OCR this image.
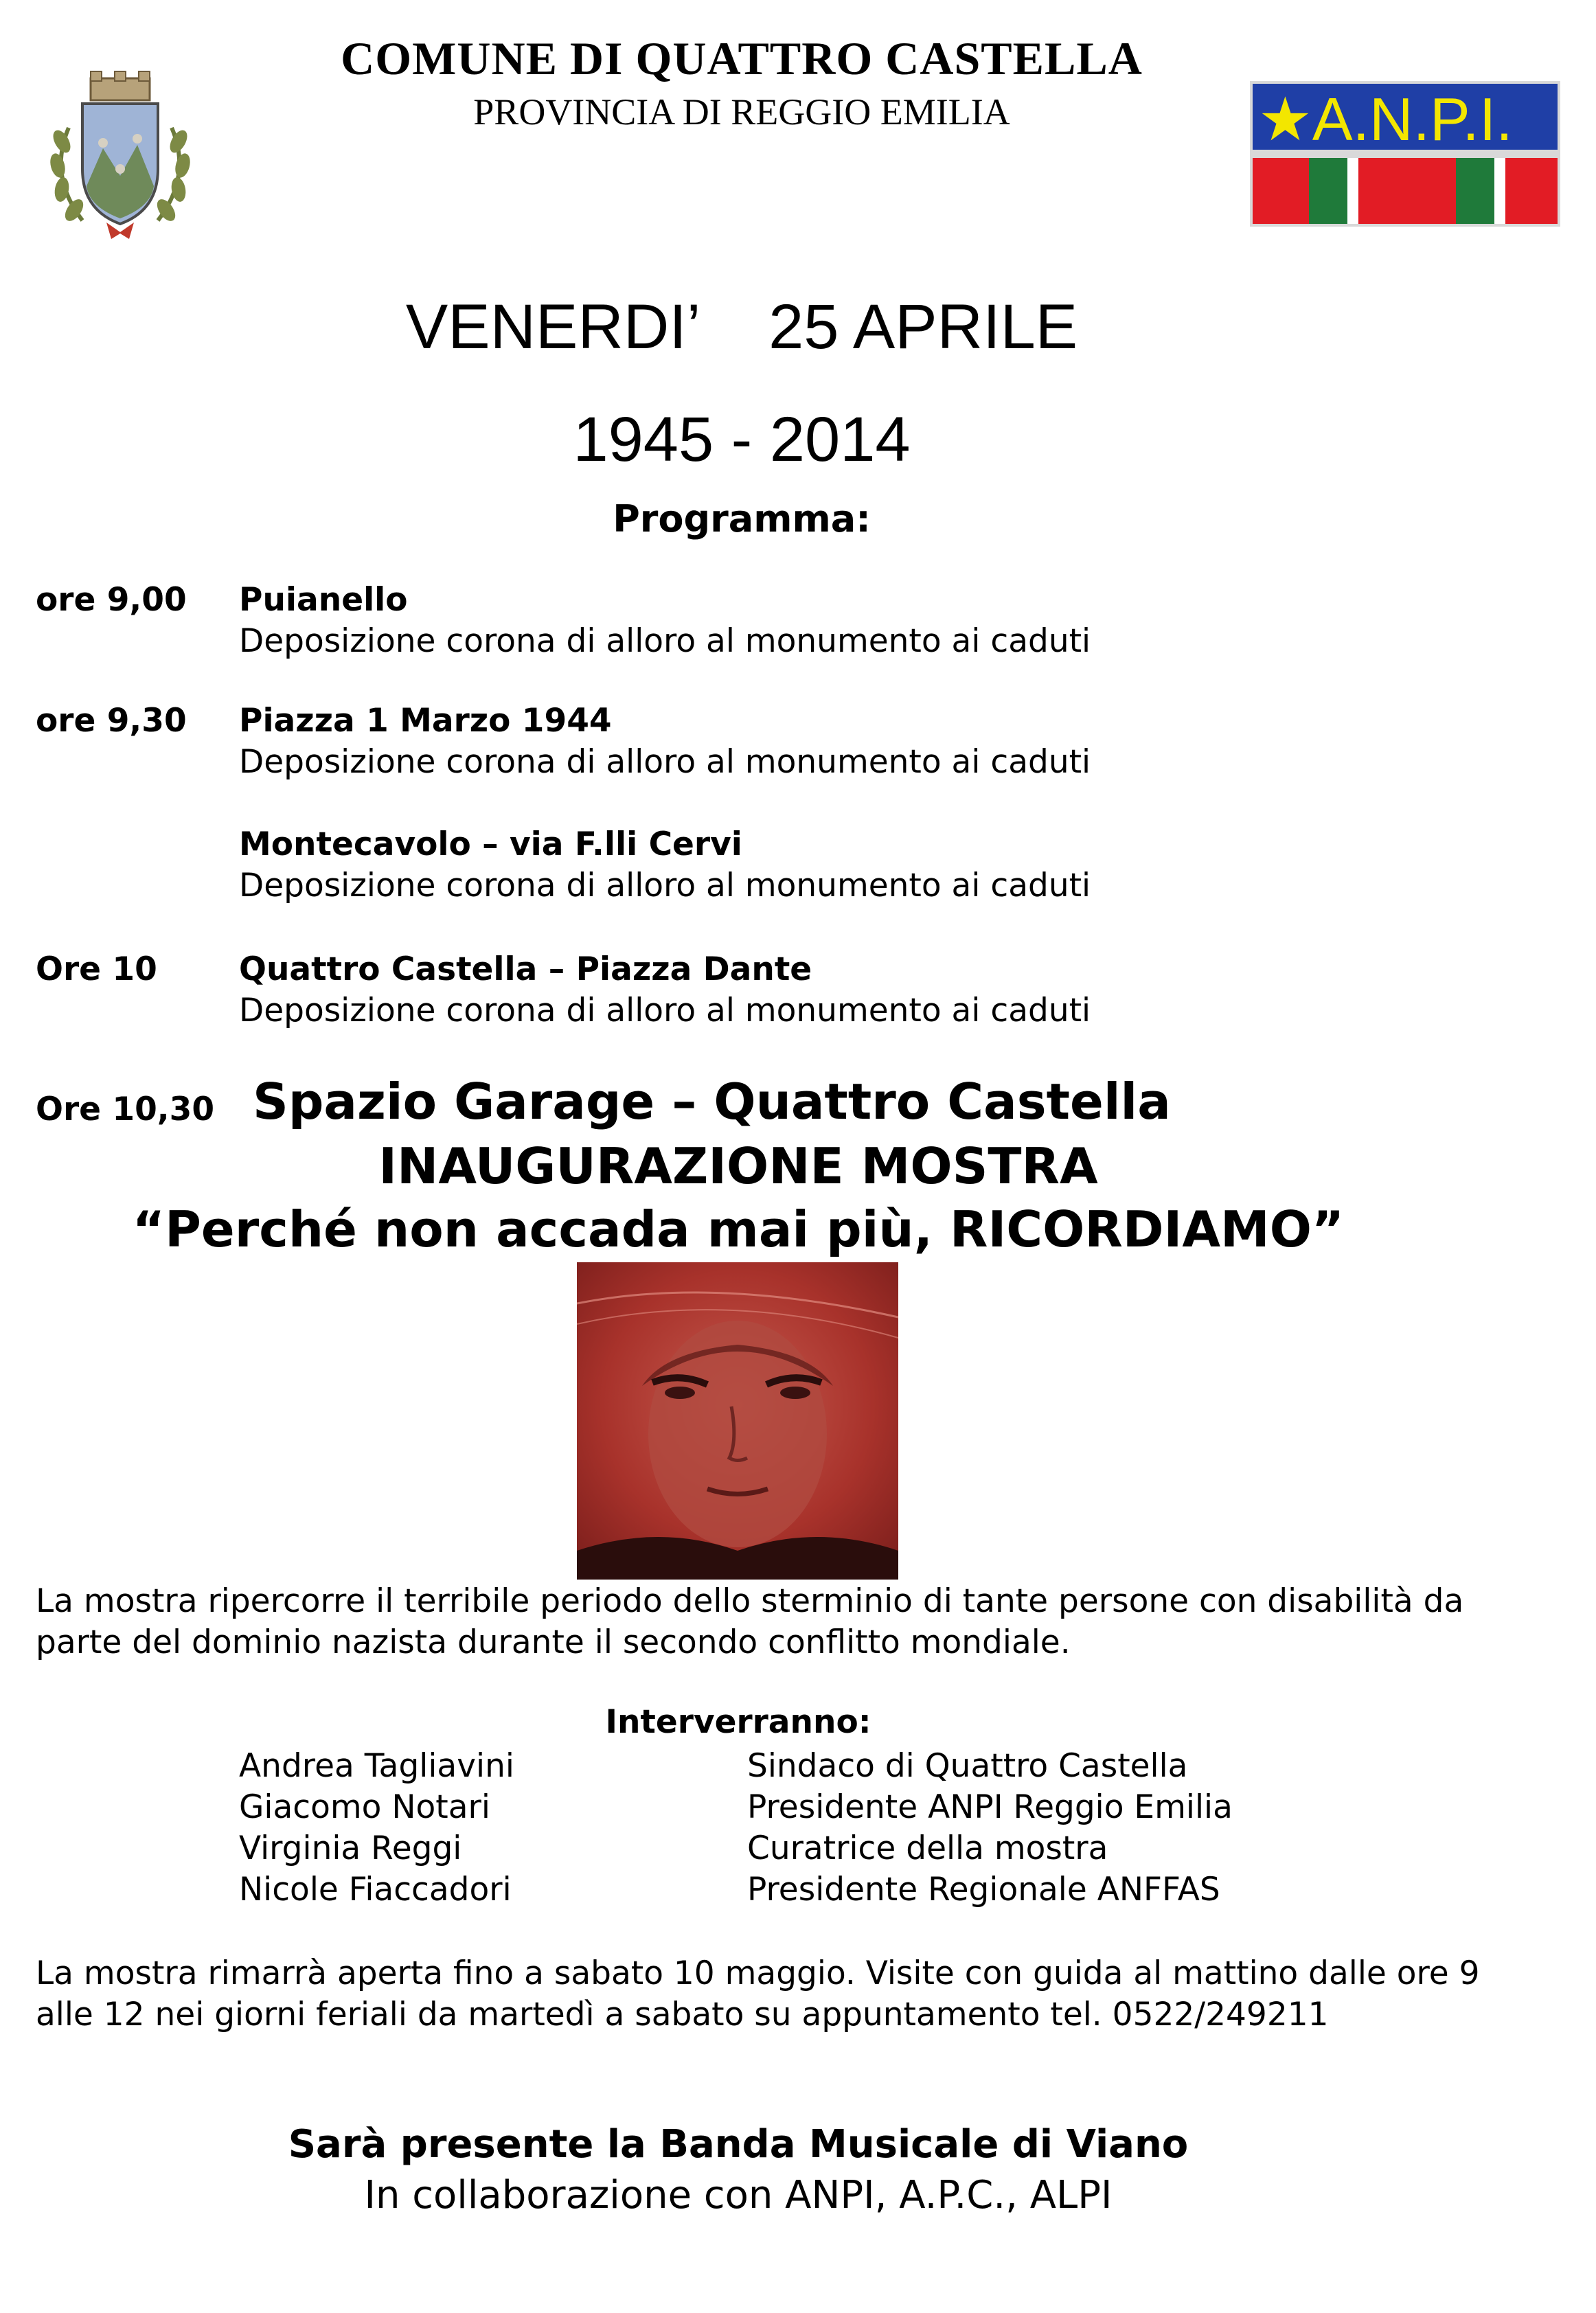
COMUNE DI QUATTRO CASTELLA
PROVINCIA DI REGGIO EMILIA	★A.N.P.I.
VENERDI’    25 APRILE
1945 - 2014
Programma:
ore 9,00 Puianello
Deposizione corona di alloro al monumento ai caduti
ore 9,30 Piazza 1 Marzo 1944
Deposizione corona di alloro al monumento ai caduti
Montecavolo – via F.lli Cervi
Deposizione corona di alloro al monumento ai caduti
Ore 10	Quattro Castella – Piazza Dante
Deposizione corona di alloro al monumento ai caduti
Ore 10,30 Spazio Garage – Quattro Castella
INAUGURAZIONE MOSTRA
“Perché non accada mai più, RICORDIAMO”
La mostra ripercorre il terribile periodo dello sterminio di tante persone con disabilità da parte del dominio nazista durante il secondo conflitto mondiale.
Interverranno:
Andrea Tagliavini	Sindaco di Quattro Castella
Giacomo Notari	Presidente ANPI Reggio Emilia
Virginia Reggi	Curatrice della mostra
Nicole Fiaccadori	Presidente Regionale ANFFAS
La mostra rimarrà aperta fino a sabato 10 maggio. Visite con guida al mattino dalle ore 9 alle 12 nei giorni feriali da martedì a sabato su appuntamento tel. 0522/249211
Sarà presente la Banda Musicale di Viano
In collaborazione con ANPI, A.P.C., ALPI
